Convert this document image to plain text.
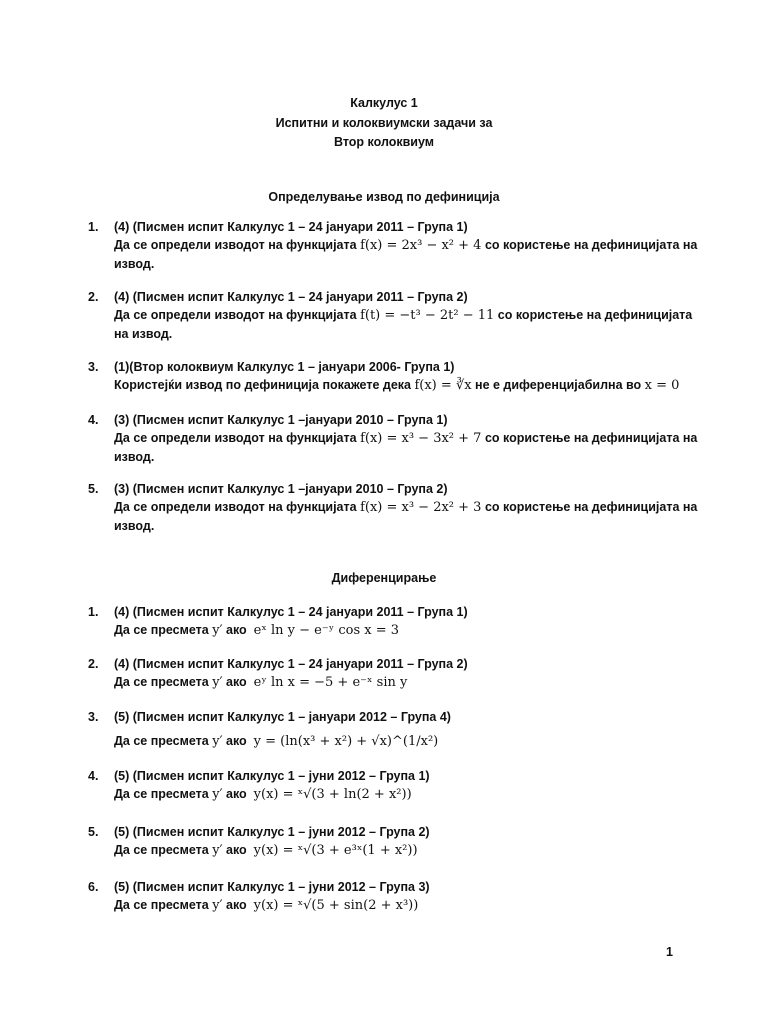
Калкулус 1
Испитни и колоквиумски задачи за
Втор колоквиум
Определување извод по дефиниција
1.	(4) (Писмен испит Калкулус 1 – 24 јануари 2011 – Група 1)
Да се определи изводот на функцијата f(x) = 2x³ − x² + 4 со користење на дефиницијата на
извод.
2.	(4) (Писмен испит Калкулус 1 – 24 јануари 2011 – Група 2)
Да се определи изводот на функцијата f(t) = −t³ − 2t² − 11 со користење на дефиницијата
на извод.
3.	(1)(Втор колоквиум Калкулус 1 – јануари 2006- Група 1)
Користејќи извод по дефиниција покажете дека f(x) = ∛x не е диференцијабилна во x = 0
4.	(3) (Писмен испит Калкулус 1 –јануари 2010 – Група 1)
Да се определи изводот на функцијата f(x) = x³ − 3x² + 7 со користење на дефиницијата на
извод.
5.	(3) (Писмен испит Калкулус 1 –јануари 2010 – Група 2)
Да се определи изводот на функцијата f(x) = x³ − 2x² + 3 со користење на дефиницијата на
извод.
Диференцирање
1.	(4) (Писмен испит Калкулус 1 – 24 јануари 2011 – Група 1)
Да се пресмета y′ ако eˣ ln y − e⁻ʸ cos x = 3
2.	(4) (Писмен испит Калкулус 1 – 24 јануари 2011 – Група 2)
Да се пресмета y′ ако eʸ ln x = −5 + e⁻ˣ sin y
3.	(5) (Писмен испит Калкулус 1 – јануари 2012 – Група 4)
Да се пресмета y′ ако y = (ln(x³ + x²) + √x)^(1/x²)
4.	(5) (Писмен испит Калкулус 1 – јуни 2012 – Група 1)
Да се пресмета y′ ако y(x) = ˣ√(3 + ln(2 + x²))
5.	(5) (Писмен испит Калкулус 1 – јуни 2012 – Група 2)
Да се пресмета y′ ако y(x) = ˣ√(3 + e³ˣ(1 + x²))
6.	(5) (Писмен испит Калкулус 1 – јуни 2012 – Група 3)
Да се пресмета y′ ако y(x) = ˣ√(5 + sin(2 + x³))
1
